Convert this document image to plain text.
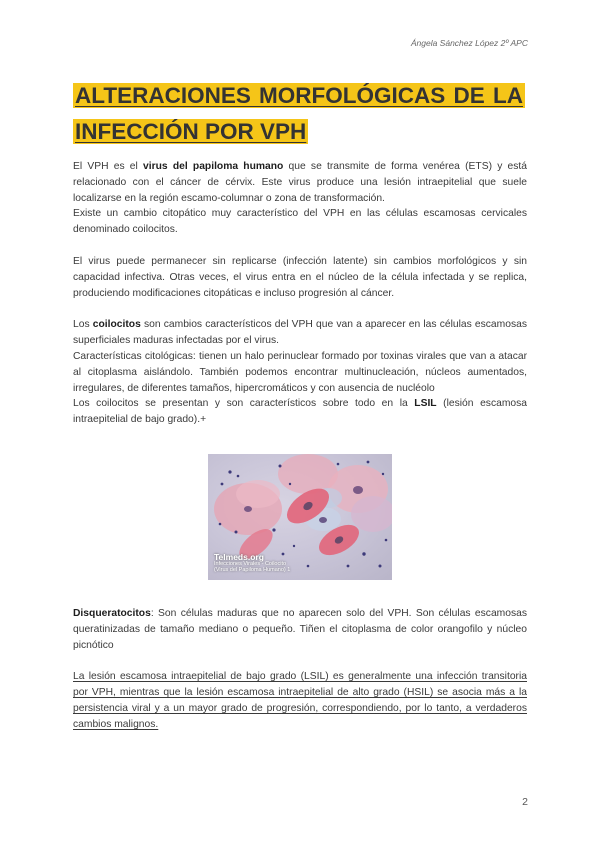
Ángela Sánchez López 2º APC
ALTERACIONES MORFOLÓGICAS DE LA INFECCIÓN POR VPH

El VPH es el virus del papiloma humano que se transmite de forma venérea (ETS) y está relacionado con el cáncer de cérvix. Este virus produce una lesión intraepitelial que suele localizarse en la región escamo-columnar o zona de transformación.

Existe un cambio citopático muy característico del VPH en las células escamosas cervicales denominado coilocitos.

El virus puede permanecer sin replicarse (infección latente) sin cambios morfológicos y sin capacidad infectiva. Otras veces, el virus entra en el núcleo de la célula infectada y se replica, produciendo modificaciones citopáticas e incluso progresión al cáncer.

Los coilocitos son cambios característicos del VPH que van a aparecer en las células escamosas superficiales maduras infectadas por el virus.

Características citológicas: tienen un halo perinuclear formado por toxinas virales que van a atacar al citoplasma aislándolo. También podemos encontrar multinucleación, núcleos aumentados, irregulares, de diferentes tamaños, hipercromáticos y con ausencia de nucléolo

Los coilocitos se presentan y son característicos sobre todo en la LSIL (lesión escamosa intraepitelial de bajo grado).+

Telmeds.org
Infecciones Virales - Coilocito
(Virus del Papiloma Humano) 1

Disqueratocitos: Son células maduras que no aparecen solo del VPH. Son células escamosas queratinizadas de tamaño mediano o pequeño. Tiñen el citoplasma de color orangofilo y núcleo picnótico

La lesión escamosa intraepitelial de bajo grado (LSIL) es generalmente una infección transitoria por VPH, mientras que la lesión escamosa intraepitelial de alto grado (HSIL) se asocia más a la persistencia viral y a un mayor grado de progresión, correspondiendo, por lo tanto, a verdaderos cambios malignos.

2
